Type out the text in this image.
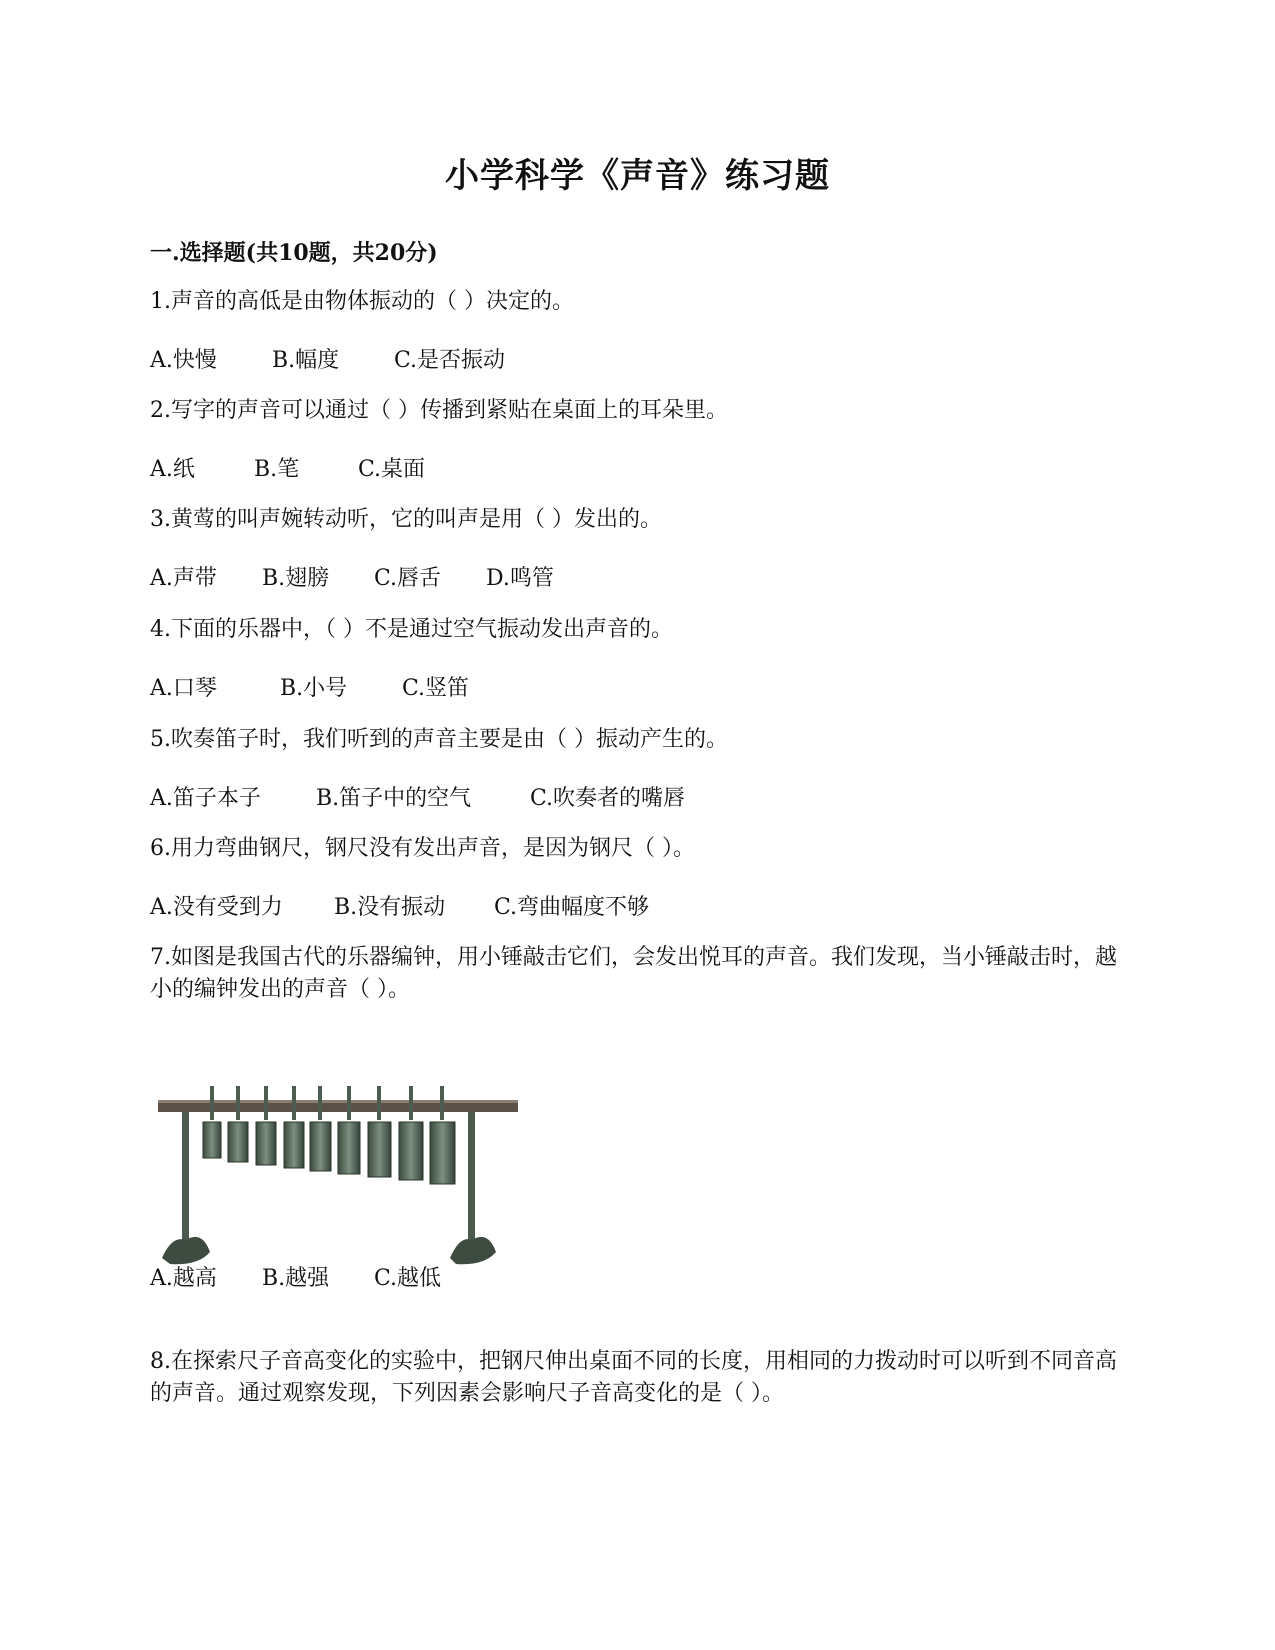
小学科学《声音》练习题
一.选择题(共10题，共20分)
1.声音的高低是由物体振动的（ ）决定的。
A.快慢	B.幅度 C.是否振动
2.写字的声音可以通过（ ）传播到紧贴在桌面上的耳朵里。
A.纸	B.笔	C.桌面
3.黄莺的叫声婉转动听，它的叫声是用（ ）发出的。
A.声带 B.翅膀 C.唇舌 D.鸣管
4.下面的乐器中，（ ）不是通过空气振动发出声音的。
A.口琴	B.小号 C.竖笛
5.吹奏笛子时，我们听到的声音主要是由（ ）振动产生的。
A.笛子本子	B.笛子中的空气	C.吹奏者的嘴唇
6.用力弯曲钢尺，钢尺没有发出声音，是因为钢尺（ ）。
A.没有受到力 B.没有振动 C.弯曲幅度不够
7.如图是我国古代的乐器编钟，用小锤敲击它们，会发出悦耳的声音。我们发现，当小锤敲击时，越小的编钟发出的声音（ ）。
A.越高 B.越强 C.越低
8.在探索尺子音高变化的实验中，把钢尺伸出桌面不同的长度，用相同的力拨动时可以听到不同音高的声音。通过观察发现，下列因素会影响尺子音高变化的是（ ）。
